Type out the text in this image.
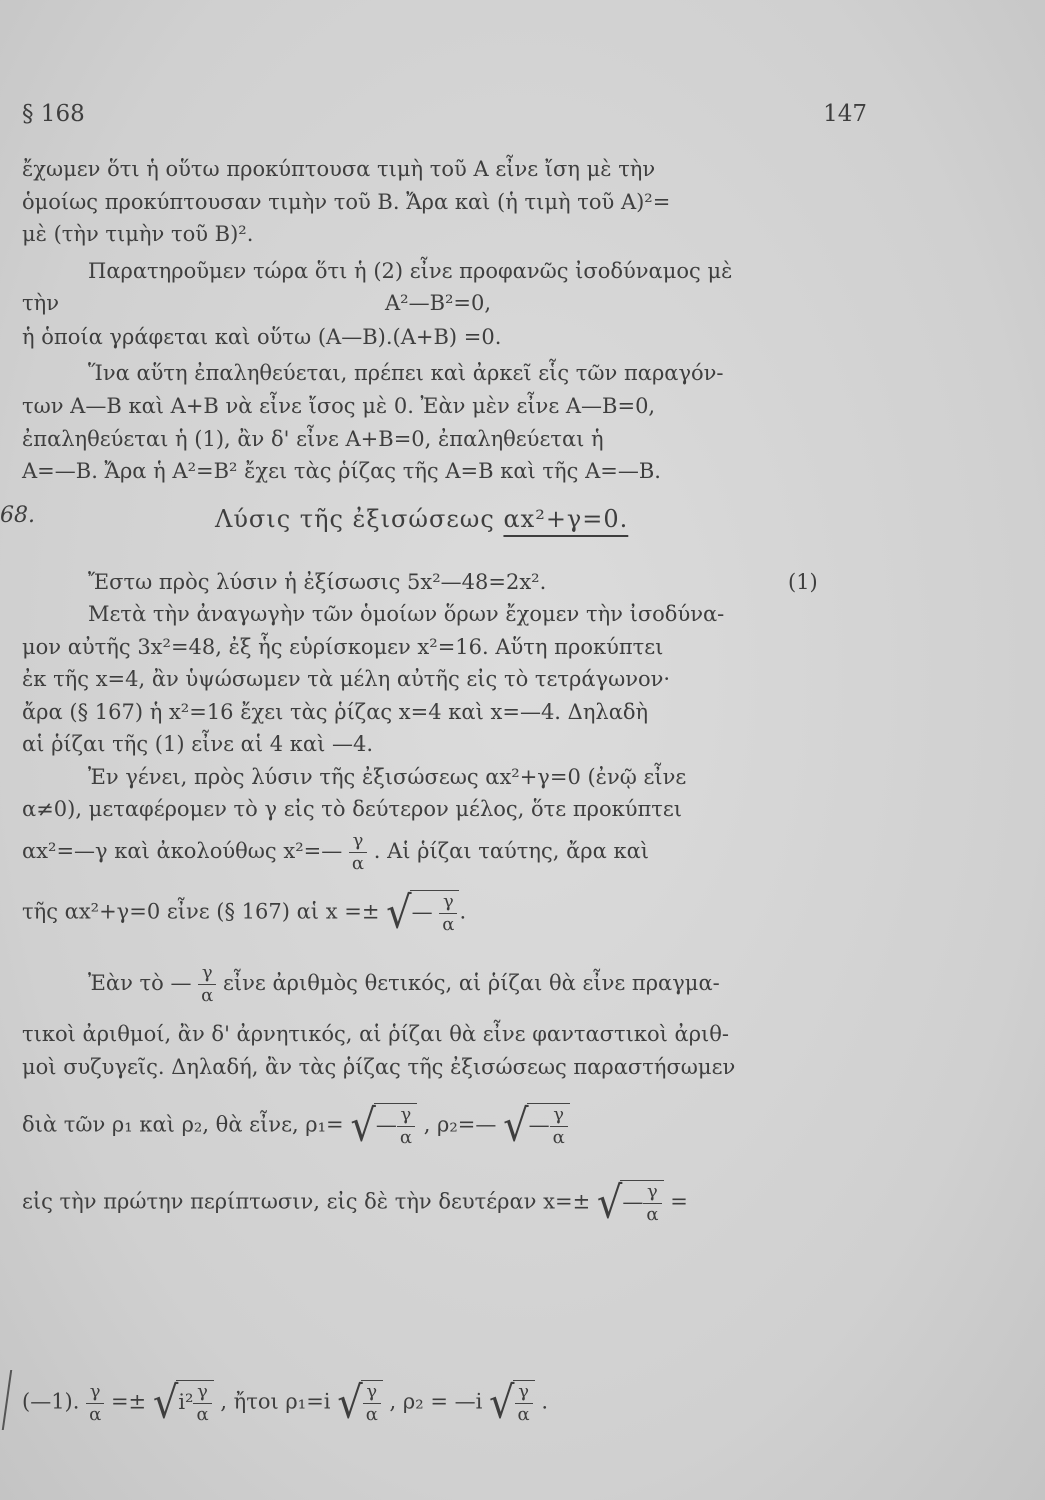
§ 168	147
ἔχωμεν ὅτι ἡ οὕτω προκύπτουσα τιμὴ τοῦ Α εἶνε ἴση μὲ τὴν
ὁμοίως προκύπτουσαν τιμὴν τοῦ Β. Ἄρα καὶ (ἡ τιμὴ τοῦ Α)²=
μὲ (τὴν τιμὴν τοῦ Β)².
Παρατηροῦμεν τώρα ὅτι ἡ (2) εἶνε προφανῶς ἰσοδύναμος μὲ
τὴν	Α²—Β²=0,
ἡ ὁποία γράφεται καὶ οὕτω (Α—Β).(Α+Β) =0.
Ἵνα αὕτη ἐπαληθεύεται, πρέπει καὶ ἀρκεῖ εἷς τῶν παραγόν-
των Α—Β καὶ Α+Β νὰ εἶνε ἴσος μὲ 0. Ἐὰν μὲν εἶνε Α—Β=0,
ἐπαληθεύεται ἡ (1), ἂν δ' εἶνε Α+Β=0, ἐπαληθεύεται ἡ
Α=—Β. Ἄρα ἡ Α²=Β² ἔχει τὰς ῥίζας τῆς Α=Β καὶ τῆς Α=—Β.
68.	Λύσις τῆς ἐξισώσεως αx²+γ=0.
Ἔστω πρὸς λύσιν ἡ ἐξίσωσις 5x²—48=2x².	(1)
Μετὰ τὴν ἀναγωγὴν τῶν ὁμοίων ὅρων ἔχομεν τὴν ἰσοδύνα-
μον αὐτῆς 3x²=48, ἐξ ἧς εὑρίσκομεν x²=16. Αὕτη προκύπτει
ἐκ τῆς x=4, ἂν ὑψώσωμεν τὰ μέλη αὐτῆς εἰς τὸ τετράγωνον·
ἄρα (§ 167) ἡ x²=16 ἔχει τὰς ῥίζας x=4 καὶ x=—4. Δηλαδὴ
αἱ ῥίζαι τῆς (1) εἶνε αἱ 4 καὶ —4.
Ἐν γένει, πρὸς λύσιν τῆς ἐξισώσεως αx²+γ=0 (ἐνῷ εἶνε
α≠0), μεταφέρομεν τὸ γ εἰς τὸ δεύτερον μέλος, ὅτε προκύπτει
αx²=—γ καὶ ἀκολούθως x²=— $\frac{\gamma}{\alpha}$ . Αἱ ῥίζαι ταύτης, ἄρα καὶ
τῆς αx²+γ=0 εἶνε (§ 167) αἱ x =± √— $\frac{\gamma}{\alpha}$ .
Ἐὰν τὸ — $\frac{\gamma}{\alpha}$ εἶνε ἀριθμὸς θετικός, αἱ ῥίζαι θὰ εἶνε πραγμα-
τικοὶ ἀριθμοί, ἂν δ' ἀρνητικός, αἱ ῥίζαι θὰ εἶνε φανταστικοὶ ἀριθ-
μοὶ συζυγεῖς. Δηλαδή, ἂν τὰς ῥίζας τῆς ἐξισώσεως παραστήσωμεν
διὰ τῶν ρ₁ καὶ ρ₂, θὰ εἶνε, ρ₁= √— $\frac{\gamma}{\alpha}$ , ρ₂=— √— $\frac{\gamma}{\alpha}$
εἰς τὴν πρώτην περίπτωσιν, εἰς δὲ τὴν δευτέραν x=± √— $\frac{\gamma}{\alpha}$ =
(—1). $\frac{\gamma}{\alpha} =\pm √i^2 \frac{\gamma}{\alpha}$ , ἤτοι ρ₁=i √ $\frac{\gamma}{\alpha}$ , ρ₂ = —i √ $\frac{\gamma}{\alpha}$ .
